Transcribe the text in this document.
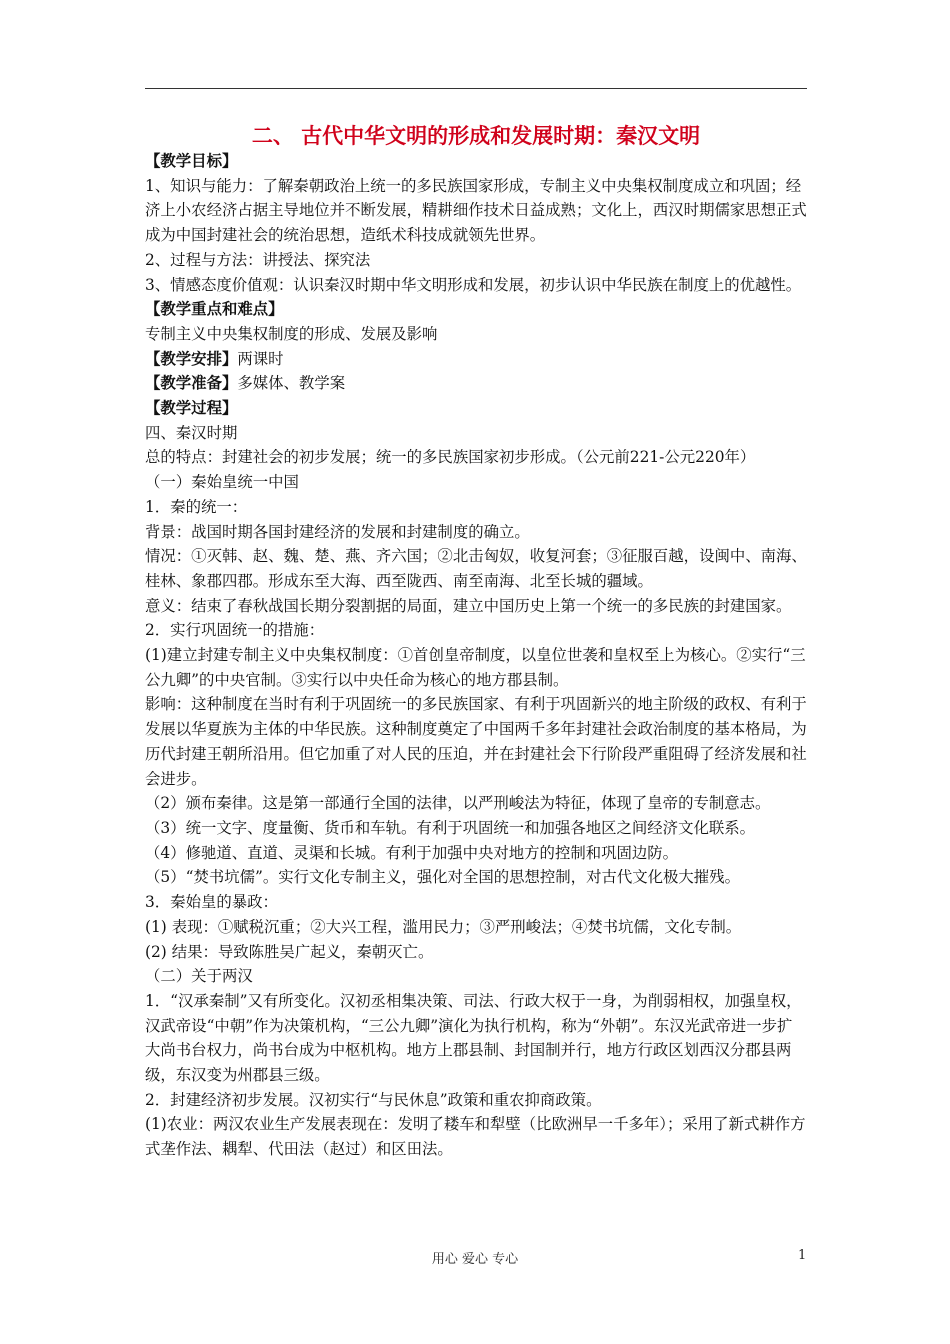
二、 古代中华文明的形成和发展时期：秦汉文明

【教学目标】

1、知识与能力：了解秦朝政治上统一的多民族国家形成，专制主义中央集权制度成立和巩固；经济上小农经济占据主导地位并不断发展，精耕细作技术日益成熟；文化上，西汉时期儒家思想正式成为中国封建社会的统治思想，造纸术科技成就领先世界。

2、过程与方法：讲授法、探究法

3、情感态度价值观：认识秦汉时期中华文明形成和发展，初步认识中华民族在制度上的优越性。

【教学重点和难点】

专制主义中央集权制度的形成、发展及影响

【教学安排】两课时

【教学准备】多媒体、教学案

【教学过程】

四、秦汉时期

总的特点：封建社会的初步发展；统一的多民族国家初步形成。（公元前221-公元220年）

（一）秦始皇统一中国

1．秦的统一：

背景：战国时期各国封建经济的发展和封建制度的确立。

情况：①灭韩、赵、魏、楚、燕、齐六国；②北击匈奴，收复河套；③征服百越，设闽中、南海、桂林、象郡四郡。形成东至大海、西至陇西、南至南海、北至长城的疆域。

意义：结束了春秋战国长期分裂割据的局面，建立中国历史上第一个统一的多民族的封建国家。

2．实行巩固统一的措施：

(1)建立封建专制主义中央集权制度：①首创皇帝制度，以皇位世袭和皇权至上为核心。②实行“三公九卿”的中央官制。③实行以中央任命为核心的地方郡县制。

影响：这种制度在当时有利于巩固统一的多民族国家、有利于巩固新兴的地主阶级的政权、有利于发展以华夏族为主体的中华民族。这种制度奠定了中国两千多年封建社会政治制度的基本格局，为历代封建王朝所沿用。但它加重了对人民的压迫，并在封建社会下行阶段严重阻碍了经济发展和社会进步。

（2）颁布秦律。这是第一部通行全国的法律，以严刑峻法为特征，体现了皇帝的专制意志。

（3）统一文字、度量衡、货币和车轨。有利于巩固统一和加强各地区之间经济文化联系。

（4）修驰道、直道、灵渠和长城。有利于加强中央对地方的控制和巩固边防。

（5）“焚书坑儒”。实行文化专制主义，强化对全国的思想控制，对古代文化极大摧残。

3．秦始皇的暴政：

(1) 表现：①赋税沉重；②大兴工程，滥用民力；③严刑峻法；④焚书坑儒，文化专制。

(2) 结果：导致陈胜吴广起义，秦朝灭亡。

（二）关于两汉

1．“汉承秦制”又有所变化。汉初丞相集决策、司法、行政大权于一身，为削弱相权，加强皇权，汉武帝设“中朝”作为决策机构，“三公九卿”演化为执行机构，称为“外朝”。东汉光武帝进一步扩大尚书台权力，尚书台成为中枢机构。地方上郡县制、封国制并行，地方行政区划西汉分郡县两级，东汉变为州郡县三级。

2．封建经济初步发展。汉初实行“与民休息”政策和重农抑商政策。

(1)农业：两汉农业生产发展表现在：发明了耧车和犁壁（比欧洲早一千多年）；采用了新式耕作方式垄作法、耦犁、代田法（赵过）和区田法。

用心 爱心 专心	1
